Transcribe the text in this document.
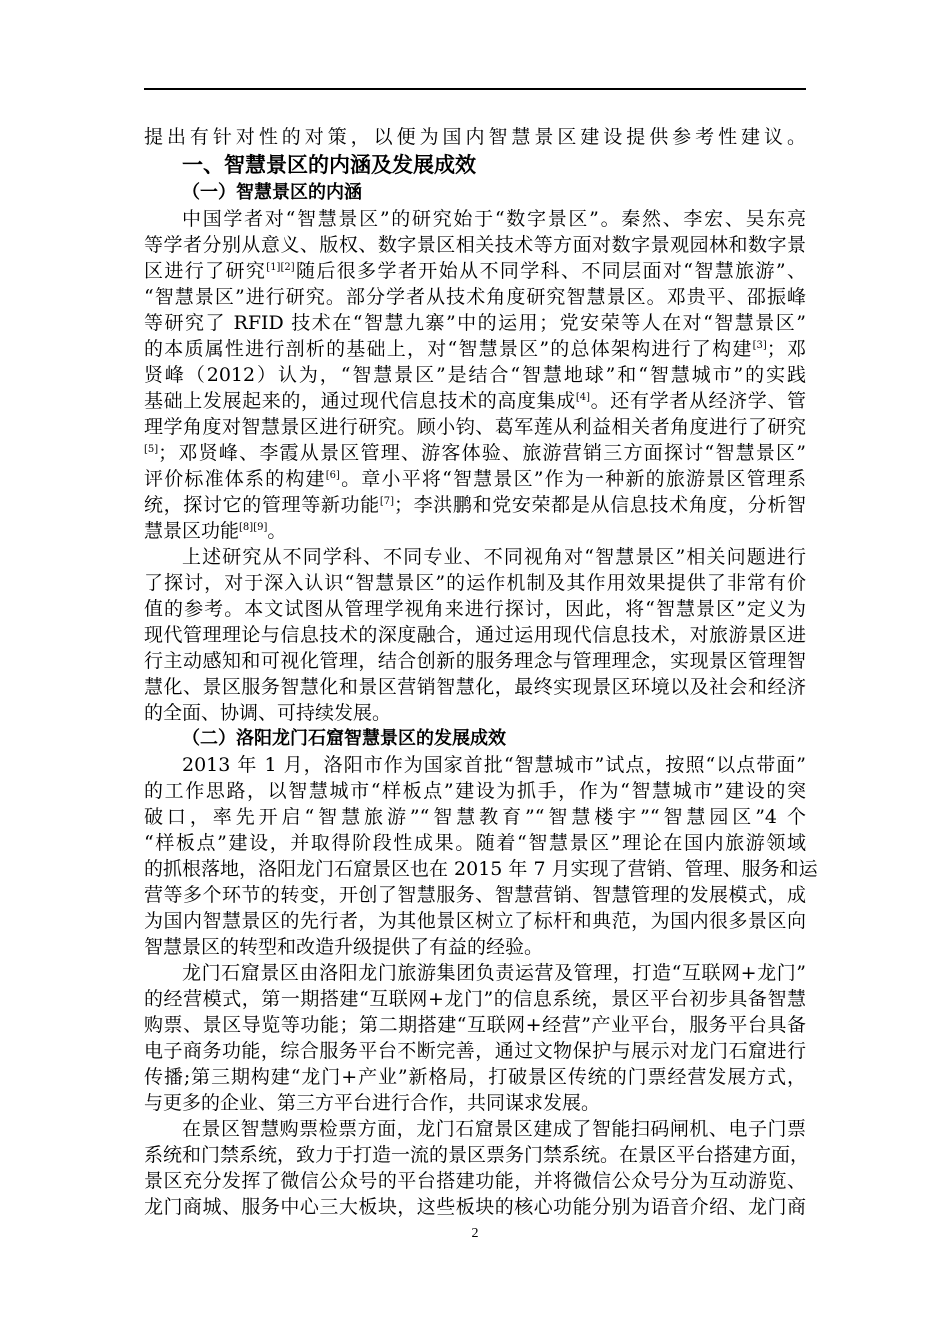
提出有针对性的对策，以便为国内智慧景区建设提供参考性建议。
一、智慧景区的内涵及发展成效
（一）智慧景区的内涵
中国学者对“智慧景区”的研究始于“数字景区”。秦然、李宏、吴东亮
等学者分别从意义、版权、数字景区相关技术等方面对数字景观园林和数字景
区进行了研究[1][2]随后很多学者开始从不同学科、不同层面对“智慧旅游”、
“智慧景区”进行研究。部分学者从技术角度研究智慧景区。邓贵平、邵振峰
等研究了 RFID 技术在“智慧九寨”中的运用；党安荣等人在对“智慧景区”
的本质属性进行剖析的基础上，对“智慧景区”的总体架构进行了构建[3]；邓
贤峰（2012）认为，“智慧景区”是结合“智慧地球”和“智慧城市”的实践
基础上发展起来的，通过现代信息技术的高度集成[4]。还有学者从经济学、管
理学角度对智慧景区进行研究。顾小钧、葛军莲从利益相关者角度进行了研究
[5]；邓贤峰、李霞从景区管理、游客体验、旅游营销三方面探讨“智慧景区”
评价标准体系的构建[6]。章小平将“智慧景区”作为一种新的旅游景区管理系
统，探讨它的管理等新功能[7]；李洪鹏和党安荣都是从信息技术角度，分析智
慧景区功能[8][9]。
上述研究从不同学科、不同专业、不同视角对“智慧景区”相关问题进行
了探讨，对于深入认识“智慧景区”的运作机制及其作用效果提供了非常有价
值的参考。本文试图从管理学视角来进行探讨，因此，将“智慧景区”定义为
现代管理理论与信息技术的深度融合，通过运用现代信息技术，对旅游景区进
行主动感知和可视化管理，结合创新的服务理念与管理理念，实现景区管理智
慧化、景区服务智慧化和景区营销智慧化，最终实现景区环境以及社会和经济
的全面、协调、可持续发展。
（二）洛阳龙门石窟智慧景区的发展成效
2013 年 1 月，洛阳市作为国家首批“智慧城市”试点，按照“以点带面”
的工作思路，以智慧城市“样板点”建设为抓手，作为“智慧城市”建设的突
破口，率先开启“智慧旅游”“智慧教育”“智慧楼宇”“智慧园区”4 个
“样板点”建设，并取得阶段性成果。随着“智慧景区”理论在国内旅游领域
的抓根落地，洛阳龙门石窟景区也在 2015 年 7 月实现了营销、管理、服务和运
营等多个环节的转变，开创了智慧服务、智慧营销、智慧管理的发展模式，成
为国内智慧景区的先行者，为其他景区树立了标杆和典范，为国内很多景区向
智慧景区的转型和改造升级提供了有益的经验。
龙门石窟景区由洛阳龙门旅游集团负责运营及管理，打造“互联网+龙门”
的经营模式，第一期搭建“互联网+龙门”的信息系统，景区平台初步具备智慧
购票、景区导览等功能；第二期搭建“互联网+经营”产业平台，服务平台具备
电子商务功能，综合服务平台不断完善，通过文物保护与展示对龙门石窟进行
传播;第三期构建“龙门+产业”新格局，打破景区传统的门票经营发展方式，
与更多的企业、第三方平台进行合作，共同谋求发展。
在景区智慧购票检票方面，龙门石窟景区建成了智能扫码闸机、电子门票
系统和门禁系统，致力于打造一流的景区票务门禁系统。在景区平台搭建方面，
景区充分发挥了微信公众号的平台搭建功能，并将微信公众号分为互动游览、
龙门商城、服务中心三大板块，这些板块的核心功能分别为语音介绍、龙门商
2
